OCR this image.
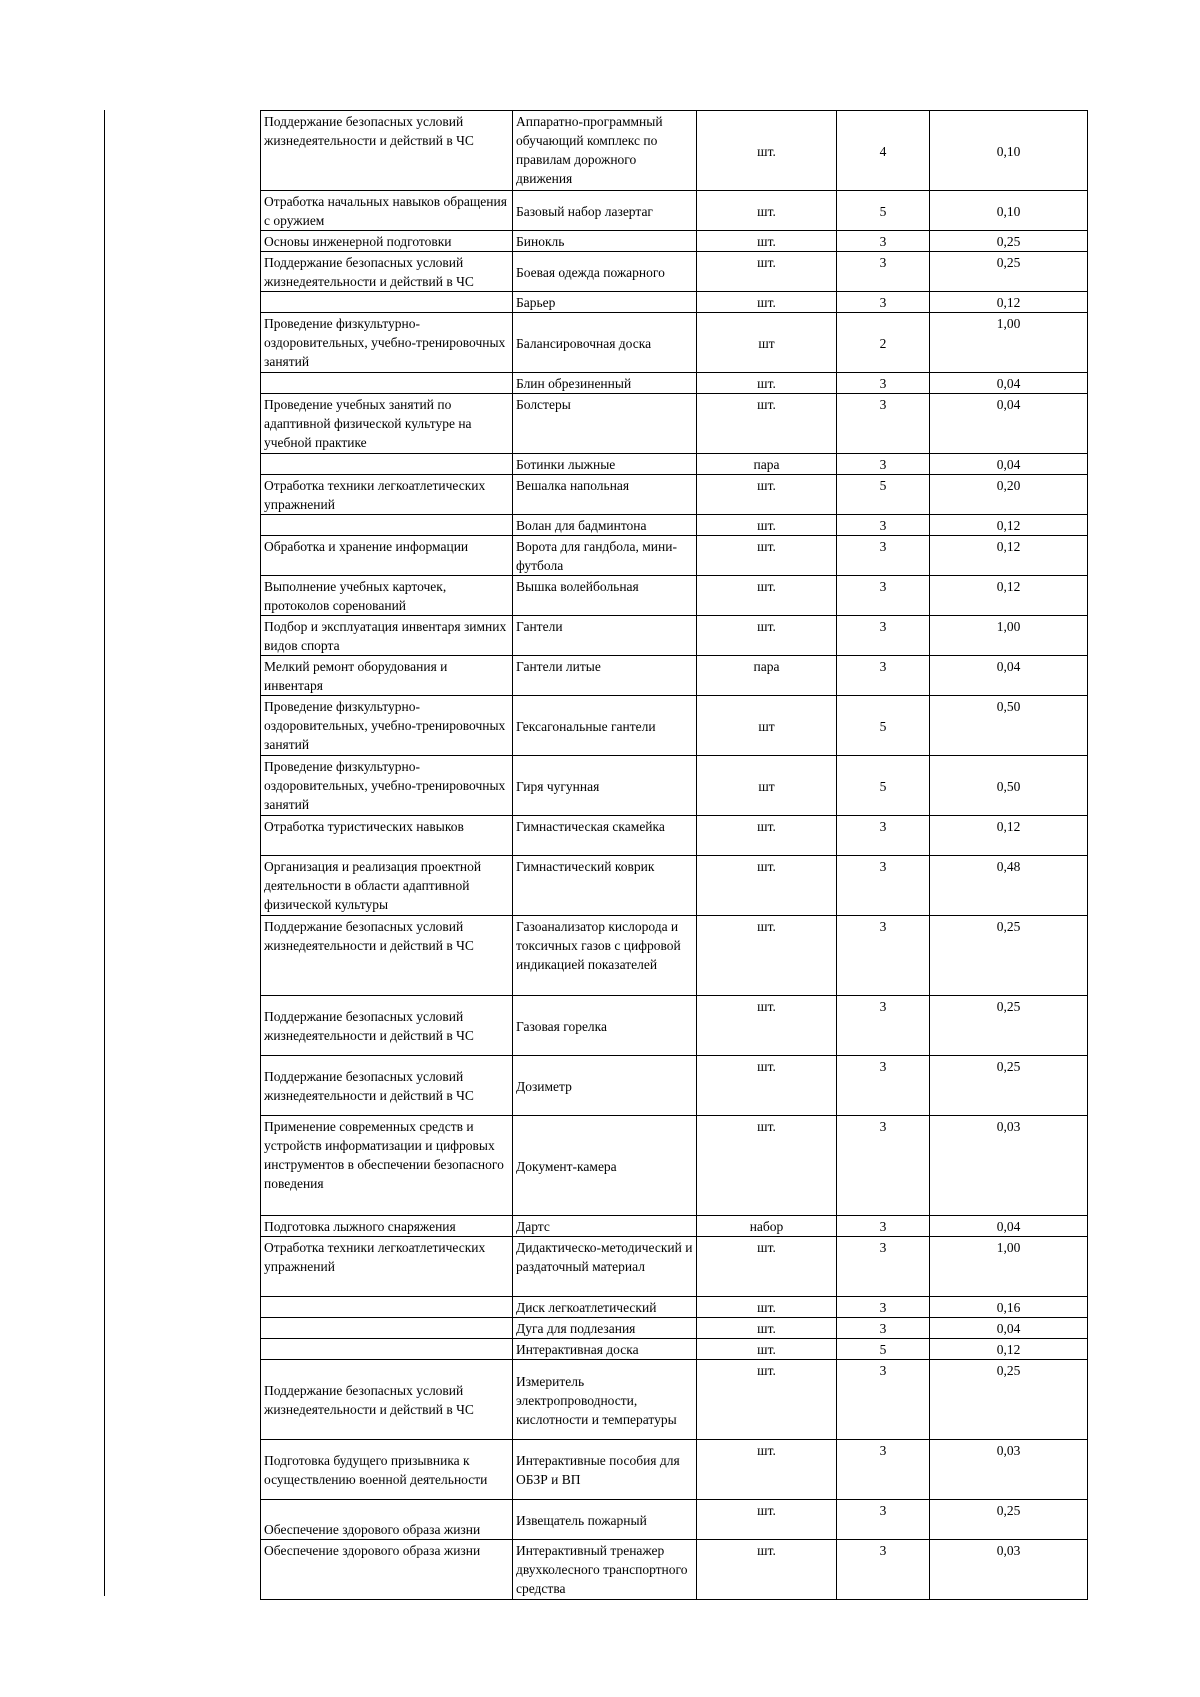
Поддержание безопасных условий жизнедеятельности и действий в ЧС	Аппаратно-программный обучающий комплекс по правилам дорожного движения	шт.	4	0,10
Отработка начальных навыков обращения с оружием	Базовый набор лазертаг	шт.	5	0,10
Основы инженерной подготовки	Бинокль	шт.	3	0,25
Поддержание безопасных условий жизнедеятельности и действий в ЧС	Боевая одежда пожарного	шт.	3	0,25
	Барьер	шт.	3	0,12
Проведение физкультурно-оздоровительных, учебно-тренировочных занятий	Балансировочная доска	шт	2	1,00
	Блин обрезиненный	шт.	3	0,04
Проведение учебных занятий по адаптивной физической культуре на учебной практике	Болстеры	шт.	3	0,04
	Ботинки лыжные	пара	3	0,04
Отработка техники легкоатлетических упражнений	Вешалка напольная	шт.	5	0,20
	Волан для бадминтона	шт.	3	0,12
Обработка и хранение информации	Ворота для гандбола, мини-футбола	шт.	3	0,12
Выполнение учебных карточек, протоколов соренований	Вышка волейбольная	шт.	3	0,12
Подбор и эксплуатация инвентаря зимних видов спорта	Гантели	шт.	3	1,00
Мелкий ремонт оборудования и инвентаря	Гантели литые	пара	3	0,04
Проведение физкультурно-оздоровительных, учебно-тренировочных занятий	Гексагональные гантели	шт	5	0,50
Проведение физкультурно-оздоровительных, учебно-тренировочных занятий	Гиря чугунная	шт	5	0,50
Отработка туристических навыков	Гимнастическая скамейка	шт.	3	0,12
Организация и реализация проектной деятельности в области адаптивной физической культуры	Гимнастический коврик	шт.	3	0,48
Поддержание безопасных условий жизнедеятельности и действий в ЧС	Газоанализатор кислорода и токсичных газов с цифровой индикацией показателей	шт.	3	0,25
Поддержание безопасных условий жизнедеятельности и действий в ЧС	Газовая горелка	шт.	3	0,25
Поддержание безопасных условий жизнедеятельности и действий в ЧС	Дозиметр	шт.	3	0,25
Применение современных средств и устройств информатизации и цифровых инструментов в обеспечении безопасного поведения	Документ-камера	шт.	3	0,03
Подготовка лыжного снаряжения	Дартс	набор	3	0,04
Отработка техники легкоатлетических упражнений	Дидактическо-методический и раздаточный материал	шт.	3	1,00
	Диск легкоатлетический	шт.	3	0,16
	Дуга для подлезания	шт.	3	0,04
	Интерактивная доска	шт.	5	0,12
Поддержание безопасных условий жизнедеятельности и действий в ЧС	Измеритель электропроводности, кислотности и температуры	шт.	3	0,25
Подготовка будущего призывника к осуществлению военной деятельности	Интерактивные пособия для ОБЗР и ВП	шт.	3	0,03
Обеспечение здорового образа жизни	Извещатель пожарный	шт.	3	0,25
Обеспечение здорового образа жизни	Интерактивный тренажер двухколесного транспортного средства	шт.	3	0,03
